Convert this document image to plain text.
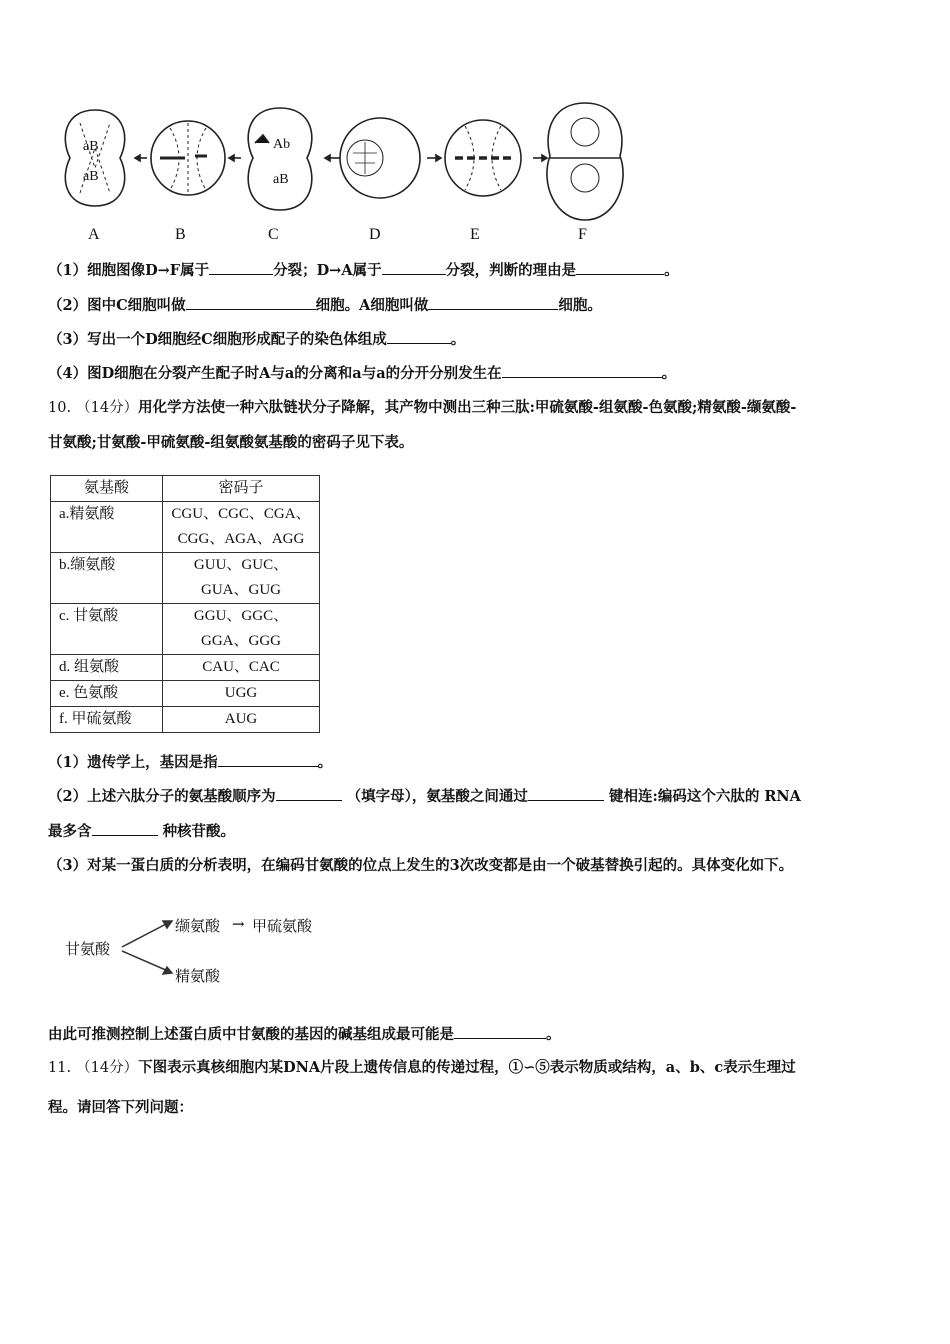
aB
aB
Ab
aB
A	B	C	D	E	F
（1）细胞图像D→F属于	分裂；D→A属于	分裂，判断的理由是	。
（2）图中C细胞叫做	细胞。A细胞叫做	细胞。
（3）写出一个D细胞经C细胞形成配子的染色体组成	。
（4）图D细胞在分裂产生配子时A与a的分离和a与a的分开分别发生在	。
10. （14分）用化学方法使一种六肽链状分子降解，其产物中测出三种三肽:甲硫氨酸-组氨酸-色氨酸;精氨酸-缬氨酸-
甘氨酸;甘氨酸-甲硫氨酸-组氨酸氨基酸的密码子见下表。
氨基酸	密码子
a.精氨酸	CGU、CGC、CGA、
CGG、AGA、AGG

b.缬氨酸	GUU、GUC、
GUA、GUG

c. 甘氨酸	GGU、GGC、
GGA、GGG

d. 组氨酸	CAU、CAC
e. 色氨酸	UGG
f. 甲硫氨酸	AUG
（1）遗传学上，基因是指	。
（2）上述六肽分子的氨基酸顺序为	（填字母），氨基酸之间通过	键相连:编码这个六肽的 RNA
最多含	种核苷酸。
（3）对某一蛋白质的分析表明，在编码甘氨酸的位点上发生的3次改变都是由一个破基替换引起的。具体变化如下。
甘氨酸
缬氨酸 → 甲硫氨酸
精氨酸
由此可推测控制上述蛋白质中甘氨酸的基因的碱基组成最可能是	。
11. （14分）下图表示真核细胞内某DNA片段上遗传信息的传递过程，①∽⑤表示物质或结构，a、b、c表示生理过
程。请回答下列问题：
